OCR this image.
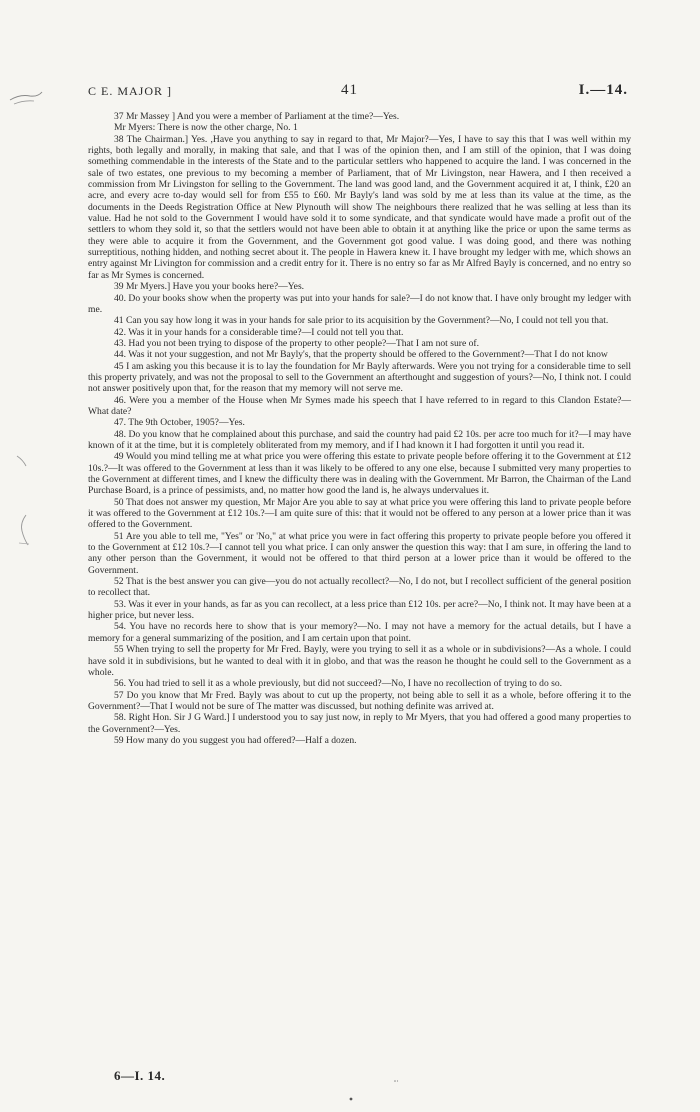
C E. MAJOR ]	41	I.—14.

37 Mr Massey ] And you were a member of Parliament at the time?—Yes.

Mr Myers: There is now the other charge, No. 1

38 The Chairman.] Yes. ,Have you anything to say in regard to that, Mr Major?—Yes, I have to say this that I was well within my rights, both legally and morally, in making that sale, and that I was of the opinion then, and I am still of the opinion, that I was doing something commendable in the interests of the State and to the particular settlers who happened to acquire the land. I was concerned in the sale of two estates, one previous to my becoming a member of Parliament, that of Mr Livingston, near Hawera, and I then received a commission from Mr Livingston for selling to the Government. The land was good land, and the Government acquired it at, I think, £20 an acre, and every acre to-day would sell for from £55 to £60. Mr Bayly's land was sold by me at less than its value at the time, as the documents in the Deeds Registration Office at New Plynouth will show The neighbours there realized that he was selling at less than its value. Had he not sold to the Government I would have sold it to some syndicate, and that syndicate would have made a profit out of the settlers to whom they sold it, so that the settlers would not have been able to obtain it at anything like the price or upon the same terms as they were able to acquire it from the Government, and the Government got good value. I was doing good, and there was nothing surreptitious, nothing hidden, and nothing secret about it. The people in Hawera knew it. I have brought my ledger with me, which shows an entry against Mr Livington for commission and a credit entry for it. There is no entry so far as Mr Alfred Bayly is concerned, and no entry so far as Mr Symes is concerned.

39 Mr Myers.] Have you your books here?—Yes.

40. Do your books show when the property was put into your hands for sale?—I do not know that. I have only brought my ledger with me.

41 Can you say how long it was in your hands for sale prior to its acquisition by the Government?—No, I could not tell you that.

42. Was it in your hands for a considerable time?—I could not tell you that.

43. Had you not been trying to dispose of the property to other people?—That I am not sure of.

44. Was it not your suggestion, and not Mr Bayly's, that the property should be offered to the Government?—That I do not know

45 I am asking you this because it is to lay the foundation for Mr Bayly afterwards. Were you not trying for a considerable time to sell this property privately, and was not the proposal to sell to the Government an afterthought and suggestion of yours?—No, I think not. I could not answer positively upon that, for the reason that my memory will not serve me.

46. Were you a member of the House when Mr Symes made his speech that I have referred to in regard to this Clandon Estate?—What date?

47. The 9th October, 1905?—Yes.

48. Do you know that he complained about this purchase, and said the country had paid £2 10s. per acre too much for it?—I may have known of it at the time, but it is completely obliterated from my memory, and if I had known it I had forgotten it until you read it.

49 Would you mind telling me at what price you were offering this estate to private people before offering it to the Government at £12 10s.?—It was offered to the Government at less than it was likely to be offered to any one else, because I submitted very many properties to the Government at different times, and I knew the difficulty there was in dealing with the Government. Mr Barron, the Chairman of the Land Purchase Board, is a prince of pessimists, and, no matter how good the land is, he always undervalues it.

50 That does not answer my question, Mr Major Are you able to say at what price you were offering this land to private people before it was offered to the Government at £12 10s.?—I am quite sure of this: that it would not be offered to any person at a lower price than it was offered to the Government.

51 Are you able to tell me, "Yes" or 'No," at what price you were in fact offering this property to private people before you offered it to the Government at £12 10s.?—I cannot tell you what price. I can only answer the question this way: that I am sure, in offering the land to any other person than the Government, it would not be offered to that third person at a lower price than it would be offered to the Government.

52 That is the best answer you can give—you do not actually recollect?—No, I do not, but I recollect sufficient of the general position to recollect that.

53. Was it ever in your hands, as far as you can recollect, at a less price than £12 10s. per acre?—No, I think not. It may have been at a higher price, but never less.

54. You have no records here to show that is your memory?—No. I may not have a memory for the actual details, but I have a memory for a general summarizing of the position, and I am certain upon that point.

55 When trying to sell the property for Mr Fred. Bayly, were you trying to sell it as a whole or in subdivisions?—As a whole. I could have sold it in subdivisions, but he wanted to deal with it in globo, and that was the reason he thought he could sell to the Government as a whole.

56. You had tried to sell it as a whole previously, but did not succeed?—No, I have no recollection of trying to do so.

57 Do you know that Mr Fred. Bayly was about to cut up the property, not being able to sell it as a whole, before offering it to the Government?—That I would not be sure of The matter was discussed, but nothing definite was arrived at.

58. Right Hon. Sir J G Ward.] I understood you to say just now, in reply to Mr Myers, that you had offered a good many properties to the Government?—Yes.

59 How many do you suggest you had offered?—Half a dozen.

6—I. 14.
